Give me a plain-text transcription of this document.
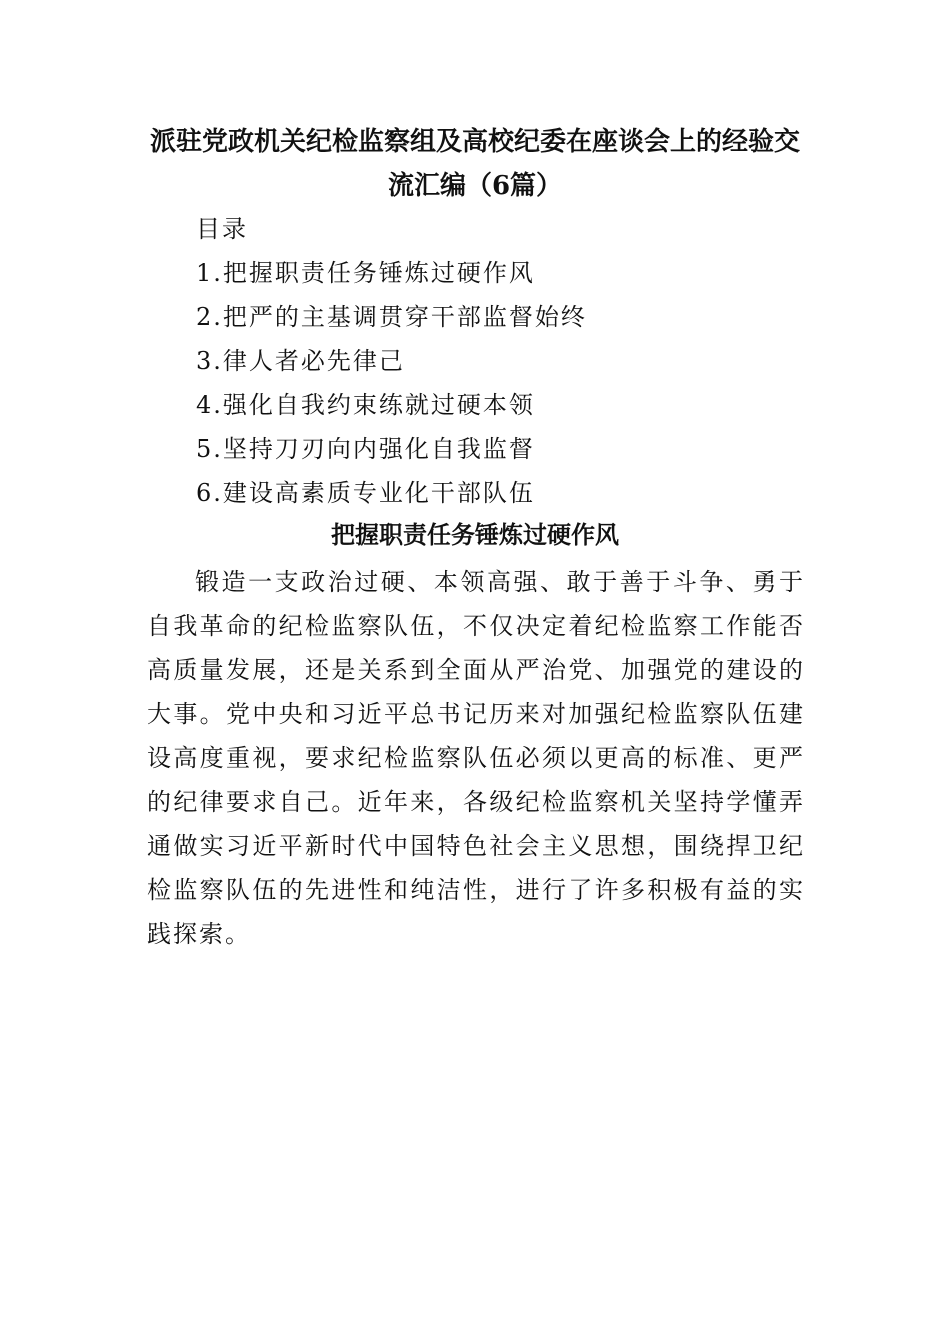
派驻党政机关纪检监察组及高校纪委在座谈会上的经验交
流汇编（6篇）
目录
1.把握职责任务锤炼过硬作风
2.把严的主基调贯穿干部监督始终
3.律人者必先律己
4.强化自我约束练就过硬本领
5.坚持刀刃向内强化自我监督
6.建设高素质专业化干部队伍
把握职责任务锤炼过硬作风

锻造一支政治过硬、本领高强、敢于善于斗争、勇于自我革命的纪检监察队伍，不仅决定着纪检监察工作能否高质量发展，还是关系到全面从严治党、加强党的建设的大事。党中央和习近平总书记历来对加强纪检监察队伍建设高度重视，要求纪检监察队伍必须以更高的标准、更严的纪律要求自己。近年来，各级纪检监察机关坚持学懂弄通做实习近平新时代中国特色社会主义思想，围绕捍卫纪检监察队伍的先进性和纯洁性，进行了许多积极有益的实践探索。
